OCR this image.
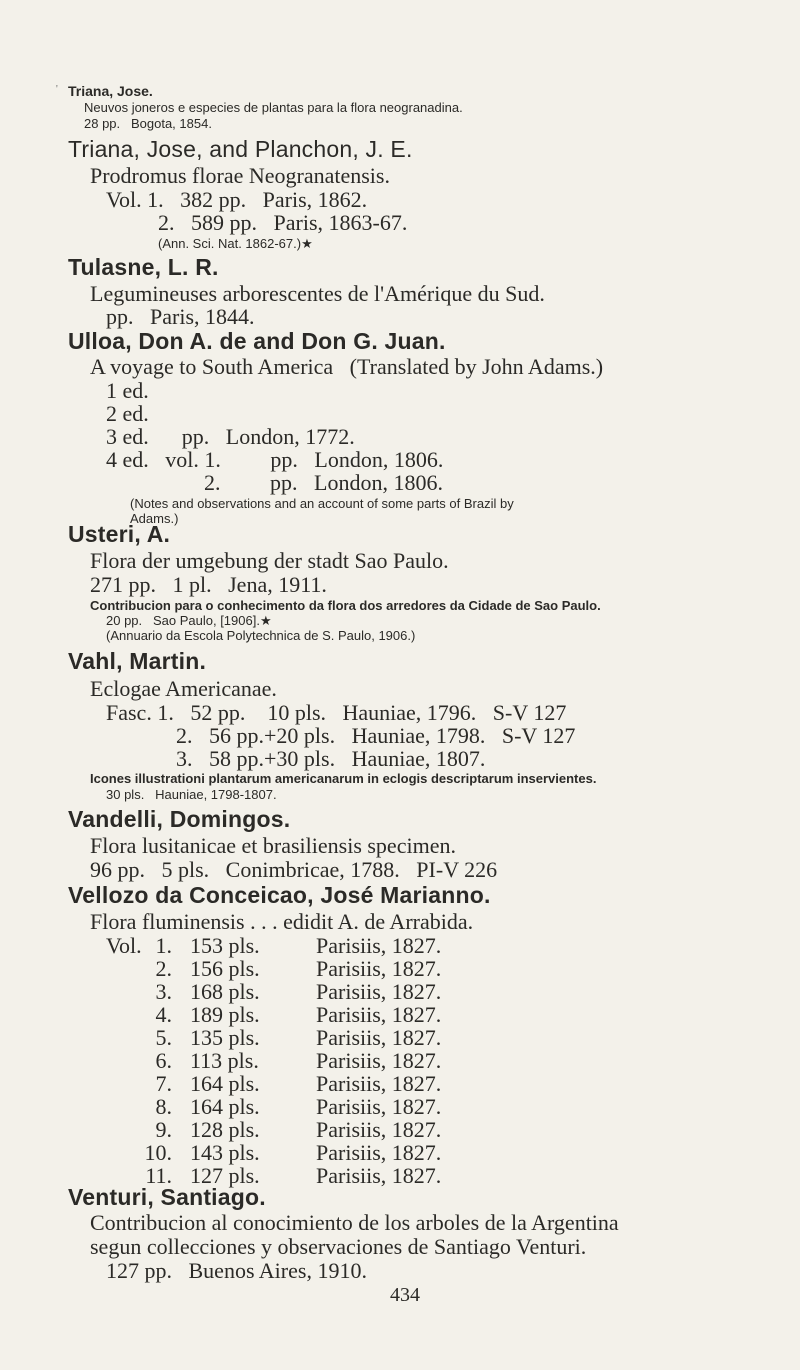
' Triana, Jose.
Neuvos joneros e especies de plantas para la flora neogranadina.
28 pp.   Bogota, 1854.
Triana, Jose, and Planchon, J. E.
Prodromus florae Neogranatensis.
Vol. 1.   382 pp.   Paris, 1862.
2.   589 pp.   Paris, 1863-67.
(Ann. Sci. Nat. 1862-67.)★
Tulasne, L. R.
Legumineuses arborescentes de l'Amérique du Sud.
pp.   Paris, 1844.
Ulloa, Don A. de and Don G. Juan.
A voyage to South America   (Translated by John Adams.)
1 ed.
2 ed.
3 ed.      pp.   London, 1772.
4 ed.   vol. 1.         pp.   London, 1806.
2.         pp.   London, 1806.
(Notes and observations and an account of some parts of Brazil by
Adams.)
Usteri, A.
Flora der umgebung der stadt Sao Paulo.
271 pp.   1 pl.   Jena, 1911.
Contribucion para o conhecimento da flora dos arredores da Cidade de Sao Paulo.
20 pp.   Sao Paulo, [1906].★
(Annuario da Escola Polytechnica de S. Paulo, 1906.)
Vahl, Martin.
Eclogae Americanae.
Fasc. 1.   52 pp.    10 pls.   Hauniae, 1796.   S-V 127
2.   56 pp.+20 pls.   Hauniae, 1798.   S-V 127
3.   58 pp.+30 pls.   Hauniae, 1807.
Icones illustrationi plantarum americanarum in eclogis descriptarum inservientes.
30 pls.   Hauniae, 1798-1807.
Vandelli, Domingos.
Flora lusitanicae et brasiliensis specimen.
96 pp.   5 pls.   Conimbricae, 1788.   PI-V 226
Vellozo da Conceicao, José Marianno.
Flora fluminensis . . . edidit A. de Arrabida.
Vol. 1. 153 pls.	Parisiis, 1827.
2. 156 pls.	Parisiis, 1827.
3. 168 pls.	Parisiis, 1827.
4. 189 pls.	Parisiis, 1827.
5. 135 pls.	Parisiis, 1827.
6. 113 pls.	Parisiis, 1827.
7. 164 pls.	Parisiis, 1827.
8. 164 pls.	Parisiis, 1827.
9. 128 pls.	Parisiis, 1827.
10. 143 pls.	Parisiis, 1827.
11. 127 pls.	Parisiis, 1827.
Venturi, Santiago.
Contribucion al conocimiento de los arboles de la Argentina
segun collecciones y observaciones de Santiago Venturi.
127 pp.   Buenos Aires, 1910.
434
